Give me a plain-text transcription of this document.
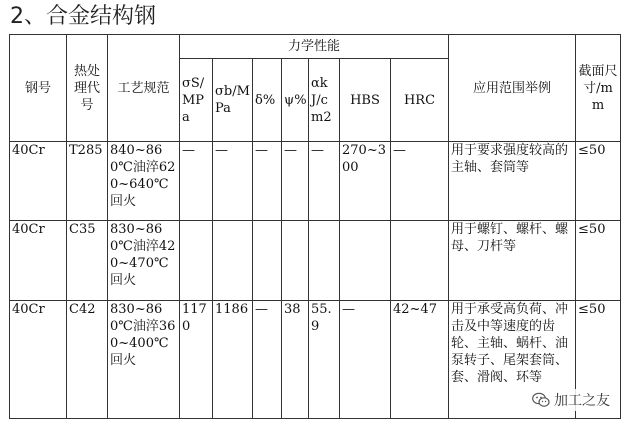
2、合金结构钢
钢号	热处理代号	工艺规范	力学性能							应用范围举例	截面尺寸/mm
			σS/MPa	σb/MPa	δ%	ψ%	αkJ/cm2	HBS	HRC		
40Cr	T285	840~860℃油淬620~640℃回火	—	—	—	—	—	270~300	—	用于要求强度较高的主轴、套筒等	≤50
40Cr	C35	830~860℃油淬420~470℃回火								用于螺钉、螺杆、螺母、刀杆等	≤50
40Cr	C42	830~860℃油淬360~400℃回火	1170	1186	—	38	55.9	—	42~47	用于承受高负荷、冲击及中等速度的齿轮、主轴、蜗杆、油泵转子、尾架套筒、套、滑阀、环等	≤50
加工之友
